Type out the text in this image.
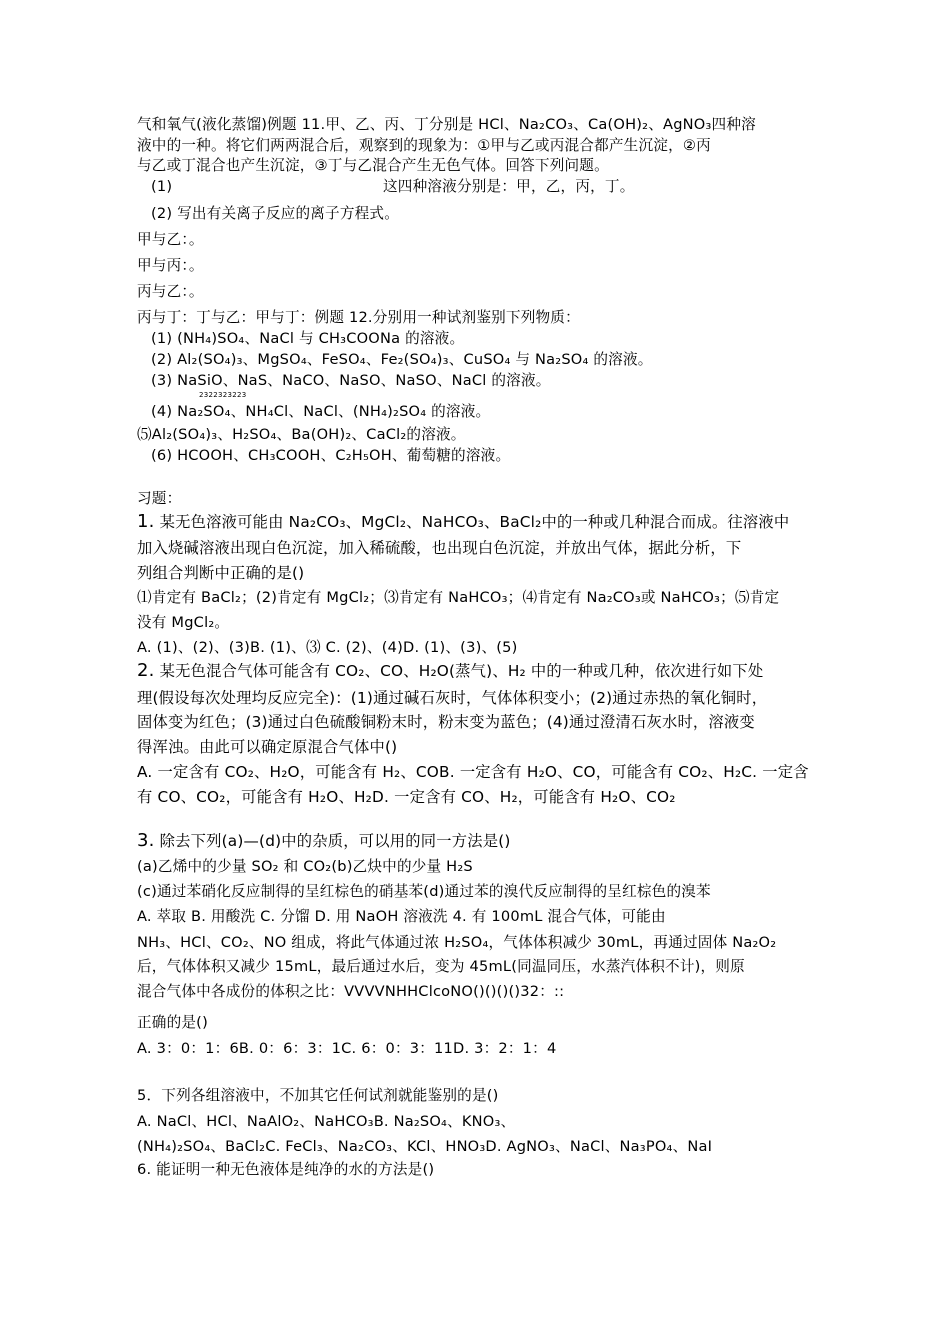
气和氧气(液化蒸馏)例题 11.甲、乙、丙、丁分别是 HCl、Na₂CO₃、Ca(OH)₂、AgNO₃四种溶
液中的一种。将它们两两混合后，观察到的现象为：①甲与乙或丙混合都产生沉淀，②丙
与乙或丁混合也产生沉淀，③丁与乙混合产生无色气体。回答下列问题。
(1)	这四种溶液分别是：甲，乙，丙，丁。
(2) 写出有关离子反应的离子方程式。
甲与乙：。
甲与丙：。
丙与乙：。
丙与丁：丁与乙：甲与丁：例题 12.分别用一种试剂鉴别下列物质：
(1) (NH₄)SO₄、NaCl 与 CH₃COONa 的溶液。
(2) Al₂(SO₄)₃、MgSO₄、FeSO₄、Fe₂(SO₄)₃、CuSO₄ 与 Na₂SO₄ 的溶液。
(3) NaSiO、NaS、NaCO、NaSO、NaSO、NaCl 的溶液。
2322323223
(4) Na₂SO₄、NH₄Cl、NaCl、(NH₄)₂SO₄ 的溶液。
⑸Al₂(SO₄)₃、H₂SO₄、Ba(OH)₂、CaCl₂的溶液。
(6) HCOOH、CH₃COOH、C₂H₅OH、葡萄糖的溶液。
习题：
1. 某无色溶液可能由 Na₂CO₃、MgCl₂、NaHCO₃、BaCl₂中的一种或几种混合而成。往溶液中
加入烧碱溶液出现白色沉淀，加入稀硫酸，也出现白色沉淀，并放出气体，据此分析，下
列组合判断中正确的是()
⑴肯定有 BaCl₂；(2)肯定有 MgCl₂；⑶肯定有 NaHCO₃；⑷肯定有 Na₂CO₃或 NaHCO₃；⑸肯定
没有 MgCl₂。
A. (1)、(2)、(3)B. (1)、⑶ C. (2)、(4)D. (1)、(3)、(5)
2. 某无色混合气体可能含有 CO₂、CO、H₂O(蒸气)、H₂ 中的一种或几种，依次进行如下处
理(假设每次处理均反应完全)：(1)通过碱石灰时，气体体积变小；(2)通过赤热的氧化铜时，
固体变为红色；(3)通过白色硫酸铜粉末时，粉末变为蓝色；(4)通过澄清石灰水时，溶液变
得浑浊。由此可以确定原混合气体中()
A. 一定含有 CO₂、H₂O，可能含有 H₂、COB. 一定含有 H₂O、CO，可能含有 CO₂、H₂C. 一定含
有 CO、CO₂，可能含有 H₂O、H₂D. 一定含有 CO、H₂，可能含有 H₂O、CO₂
3. 除去下列(a)—(d)中的杂质，可以用的同一方法是()
(a)乙烯中的少量 SO₂ 和 CO₂(b)乙炔中的少量 H₂S
(c)通过苯硝化反应制得的呈红棕色的硝基苯(d)通过苯的溴代反应制得的呈红棕色的溴苯
A. 萃取 B. 用酸洗 C. 分馏 D. 用 NaOH 溶液洗 4. 有 100mL 混合气体，可能由
NH₃、HCl、CO₂、NO 组成，将此气体通过浓 H₂SO₄，气体体积减少 30mL，再通过固体 Na₂O₂
后，气体体积又减少 15mL，最后通过水后，变为 45mL(同温同压，水蒸汽体积不计)，则原
混合气体中各成份的体积之比：VVVVNHHClcoNO()()()()32：::
正确的是()
A. 3：0：1：6B. 0：6：3：1C. 6：0：3：11D. 3：2：1：4
5．下列各组溶液中，不加其它任何试剂就能鉴别的是()
A. NaCl、HCl、NaAlO₂、NaHCO₃B. Na₂SO₄、KNO₃、
(NH₄)₂SO₄、BaCl₂C. FeCl₃、Na₂CO₃、KCl、HNO₃D. AgNO₃、NaCl、Na₃PO₄、NaI
6. 能证明一种无色液体是纯净的水的方法是()
